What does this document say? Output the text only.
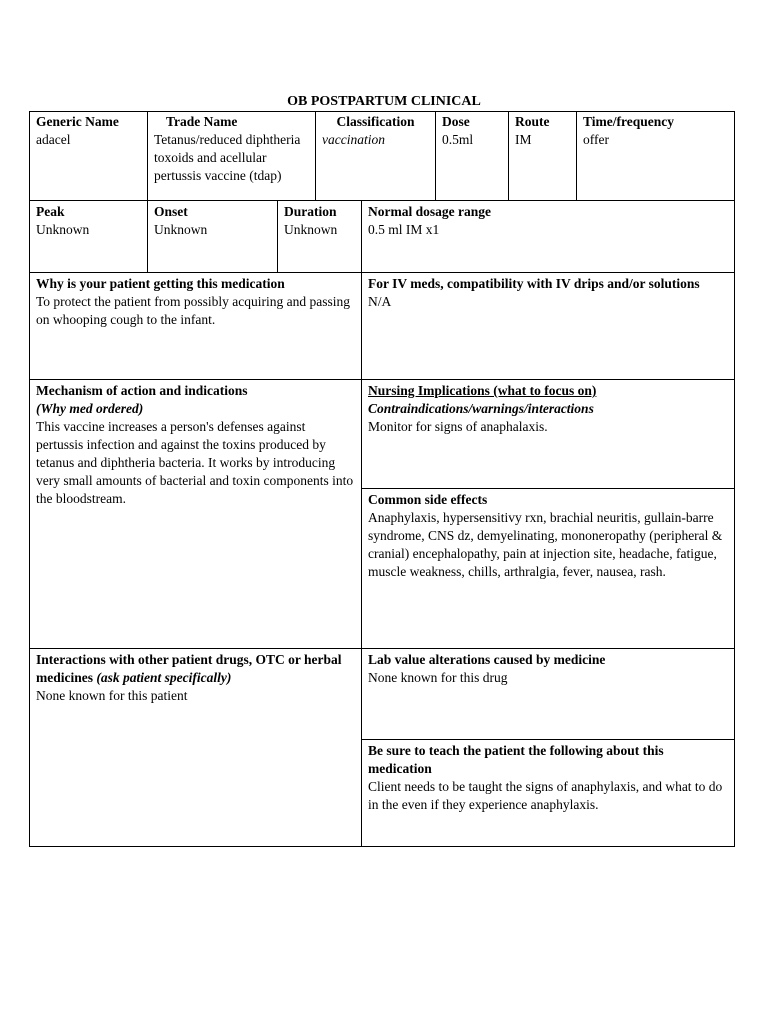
OB POSTPARTUM CLINICAL
Generic Name
adacel
Trade Name
Tetanus/reduced diphtheria toxoids and acellular pertussis vaccine (tdap)
Classification
vaccination
Dose
0.5ml
Route
IM
Time/frequency
offer
Peak
Unknown
Onset
Unknown
Duration
Unknown
Normal dosage range
0.5 ml IM x1
Why is your patient getting this medication
To protect the patient from possibly acquiring and passing on whooping cough to the infant.
For IV meds, compatibility with IV drips and/or solutions
N/A
Mechanism of action and indications
(Why med ordered)
This vaccine increases a person's defenses against pertussis infection and against the toxins produced by tetanus and diphtheria bacteria. It works by introducing very small amounts of bacterial and toxin components into the bloodstream.
Nursing Implications (what to focus on)
Contraindications/warnings/interactions
Monitor for signs of anaphalaxis.
Common side effects
Anaphylaxis, hypersensitivy rxn, brachial neuritis, gullain-barre syndrome, CNS dz, demyelinating, mononeropathy (peripheral & cranial) encephalopathy, pain at injection site, headache, fatigue, muscle weakness, chills, arthralgia, fever, nausea, rash.
Interactions with other patient drugs, OTC or herbal medicines (ask patient specifically)
None known for this patient
Lab value alterations caused by medicine
None known for this drug
Be sure to teach the patient the following about this medication
Client needs to be taught the signs of anaphylaxis, and what to do in the even if they experience anaphylaxis.
